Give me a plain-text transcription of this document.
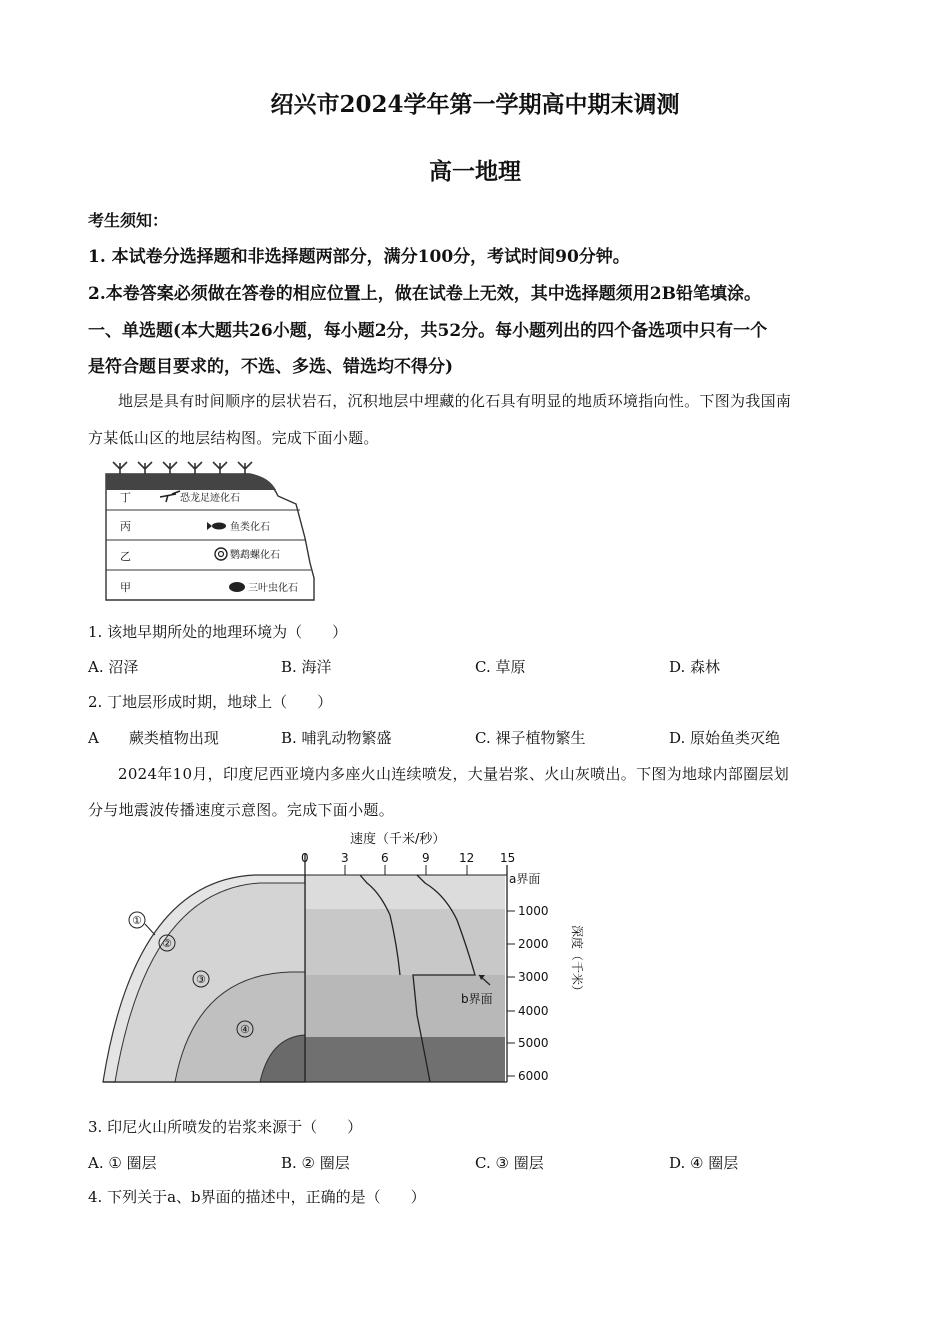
绍兴市2024学年第一学期高中期末调测
高一地理
考生须知：
1. 本试卷分选择题和非选择题两部分，满分100分，考试时间90分钟。
2.本卷答案必须做在答卷的相应位置上，做在试卷上无效，其中选择题须用2B铅笔填涂。
一、单选题(本大题共26小题，每小题2分，共52分。每小题列出的四个备选项中只有一个
是符合题目要求的，不选、多选、错选均不得分)
地层是具有时间顺序的层状岩石，沉积地层中埋藏的化石具有明显的地质环境指向性。下图为我国南
方某低山区的地层结构图。完成下面小题。
丁
丙
乙
甲
恐龙足迹化石
鱼类化石
鹦鹉螺化石
三叶虫化石
1. 该地早期所处的地理环境为（　　）
A. 沼泽	B. 海洋	C. 草原	D. 森林
2. 丁地层形成时期，地球上（　　）
A　　蕨类植物出现	B. 哺乳动物繁盛	C. 裸子植物繁生	D. 原始鱼类灭绝
2024年10月，印度尼西亚境内多座火山连续喷发，大量岩浆、火山灰喷出。下图为地球内部圈层划
分与地震波传播速度示意图。完成下面小题。
①
②
③
④
速度（千米/秒）
0	3	6	9 12 15
a界面
b界面
1000
2000
3000
4000
5000
6000
深度（千米）
3. 印尼火山所喷发的岩浆来源于（　　）
A. ① 圈层	B. ② 圈层	C. ③ 圈层	D. ④ 圈层
4. 下列关于a、b界面的描述中，正确的是（　　）
